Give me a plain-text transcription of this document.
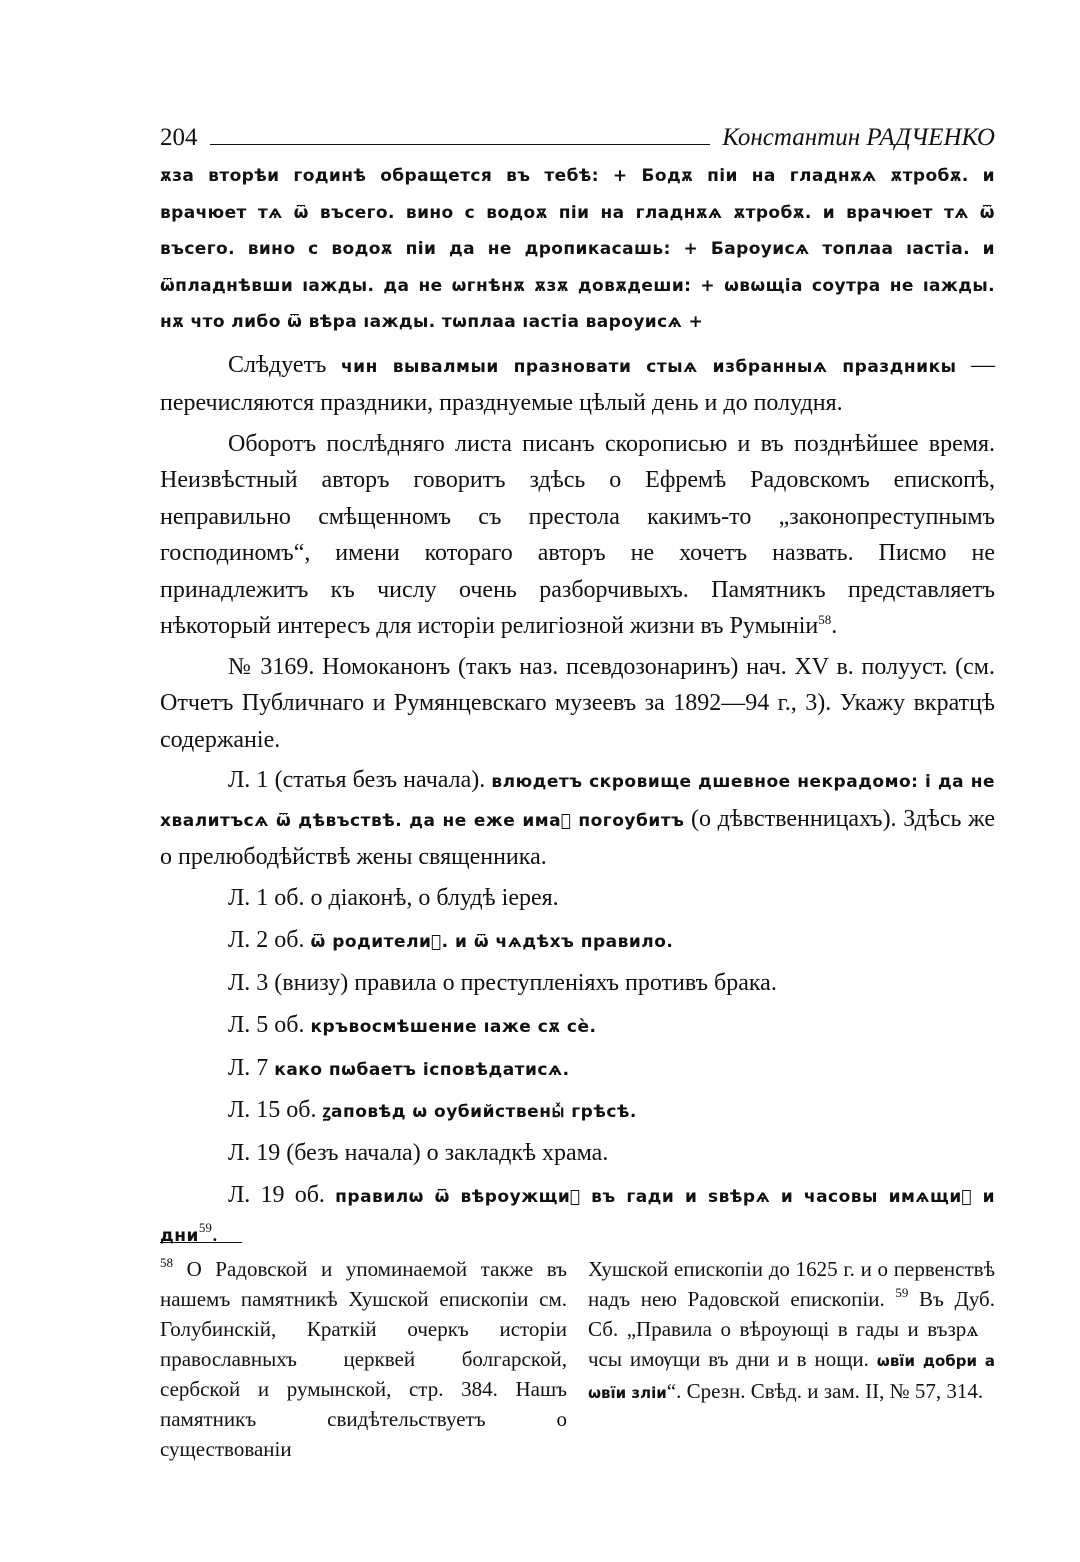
204	Константин РАДЧЕНКО

ѫза вторѣи годинѣ обращется въ тебѣ: + Бодѫ піи на гладнѫѧ ѫтробѫ. и врачюет тѧ ѿ въсего. вино с водоѫ піи на гладнѫѧ ѫтробѫ. и врачюет тѧ ѿ въсего. вино с водоѫ піи да не дропикасашь: + Бароуисѧ топлаа ıастіа. и ѿпладнѣвши ıажды. да не ѡгнѣнѫ ѫзѫ довѫдеши: + ѡвѡщіа соутра не ıажды. нѫ что либо ѿ вѣра ıажды. тѡплаа ıастіа вароуисѧ +

Слѣдуетъ чин вывалмыи празновати стыѧ избранныѧ праздникы — перечисляются праздники, празднуемые цѣлый день и до полудня.

Оборотъ послѣдняго листа писанъ скорописью и въ позднѣйшее время. Неизвѣстный авторъ говоритъ здѣсь о Ефремѣ Радовскомъ епископѣ, неправильно смѣщенномъ съ престола какимъ-то „законопреступнымъ господиномъ“, имени котораго авторъ не хочетъ назвать. Писмо не принадлежитъ къ числу очень разборчивыхъ. Памятникъ представляетъ нѣкоторый интересъ для исторіи религіозной жизни въ Румыніи$^{58}$.

№ 3169. Номоканонъ (такъ наз. псевдозонаринъ) нач. XV в. полууст. (см. Отчетъ Публичнаго и Румянцевскаго музеевъ за 1892—94 г., 3). Укажу вкратцѣ содержаніе.

Л. 1 (статья безъ начала). влюдетъ скровище дшевное некрадомо: і да не хвалитъсѧ ѿ дѣвъствѣ. да не еже имаⷮ погоубитъ (о дѣвственницахъ). Здѣсь же о прелюбодѣйствѣ жены священника.

Л. 1 об. о діаконѣ, о блудѣ іерея.

Л. 2 об. ѿ родителиⷯ. и ѿ чѧдѣхъ правило.

Л. 3 (внизу) правила о преступленіяхъ противъ брака.

Л. 5 об. кръвосмѣшение ıаже сѫ сѐ.

Л. 7 како пѡбаетъ ісповѣдатисѧ.

Л. 15 об. ꙁаповѣд ѡ оубийственыⷯ грѣсѣ.

Л. 19 (безъ начала) о закладкѣ храма.

Л. 19 об. правилѡ ѿ вѣроужщиⷯ въ гади и ѕвѣрѧ и часовы имѧщиⷯ и дни$^{59}$.

$^{58}$ О Радовской и упоминаемой также въ нашемъ памятникѣ Хушской епископіи см. Голубинскій, Краткій очеркъ исторіи православныхъ церквей болгарской, сербской и румынской, стр. 384. Нашъ памятникъ свидѣтельствуетъ о существованіи

Хушской епископіи до 1625 г. и о первенствѣ надъ нею Радовской епископіи. $^{59}$ Въ Дуб. Сб. „Правила о вѣроующі в гады и възрѧⷮ чсы имѹщи въ дни и в нощи. ѡвїи добри а ѡвїи зліи“. Срезн. Свѣд. и зам. II, № 57, 314.
